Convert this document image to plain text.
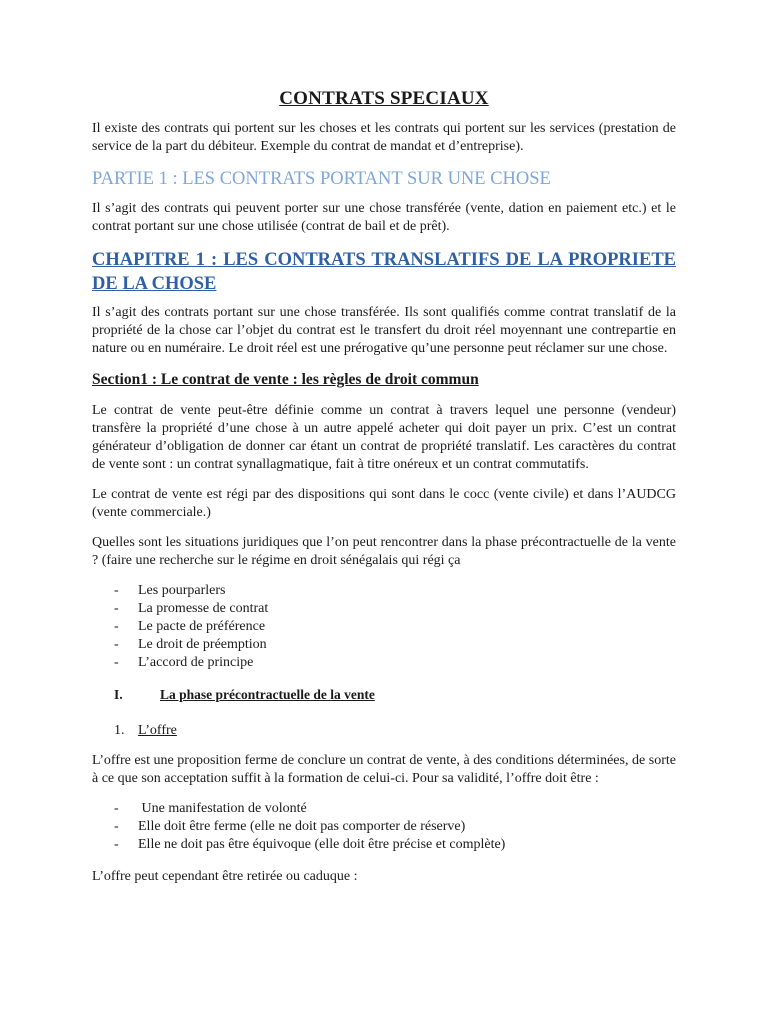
CONTRATS SPECIAUX

Il existe des contrats qui portent sur les choses et les contrats qui portent sur les services (prestation de service de la part du débiteur. Exemple du contrat de mandat et d’entreprise).

PARTIE 1 : LES CONTRATS PORTANT SUR UNE CHOSE

Il s’agit des contrats qui peuvent porter sur une chose transférée (vente, dation en paiement etc.) et le contrat portant sur une chose utilisée (contrat de bail et de prêt).

CHAPITRE 1 : LES CONTRATS TRANSLATIFS DE LA PROPRIETE DE LA CHOSE

Il s’agit des contrats portant sur une chose transférée. Ils sont qualifiés comme contrat translatif de la propriété de la chose car l’objet du contrat est le transfert du droit réel moyennant une contrepartie en nature ou en numéraire. Le droit réel est une prérogative qu’une personne peut réclamer sur une chose.

Section1 : Le contrat de vente : les règles de droit commun

Le contrat de vente peut-être définie comme un contrat à travers lequel une personne (vendeur) transfère la propriété d’une chose à un autre appelé acheter qui doit payer un prix. C’est un contrat générateur d’obligation de donner car étant un contrat de propriété translatif. Les caractères du contrat de vente sont : un contrat synallagmatique, fait à titre onéreux et un contrat commutatifs.

Le contrat de vente est régi par des dispositions qui sont dans le cocc (vente civile) et dans l’AUDCG (vente commerciale.)

Quelles sont les situations juridiques que l’on peut rencontrer dans la phase précontractuelle de la vente ? (faire une recherche sur le régime en droit sénégalais qui régi ça

-	Les pourparlers
-	La promesse de contrat
-	Le pacte de préférence
-	Le droit de préemption
-	L’accord de principe
I.	La phase précontractuelle de la vente
1. L’offre

L’offre est une proposition ferme de conclure un contrat de vente, à des conditions déterminées, de sorte à ce que son acceptation suffit à la formation de celui-ci. Pour sa validité, l’offre doit être :

-	Une manifestation de volonté
-	Elle doit être ferme (elle ne doit pas comporter de réserve)
-	Elle ne doit pas être équivoque (elle doit être précise et complète)

L’offre peut cependant être retirée ou caduque :
